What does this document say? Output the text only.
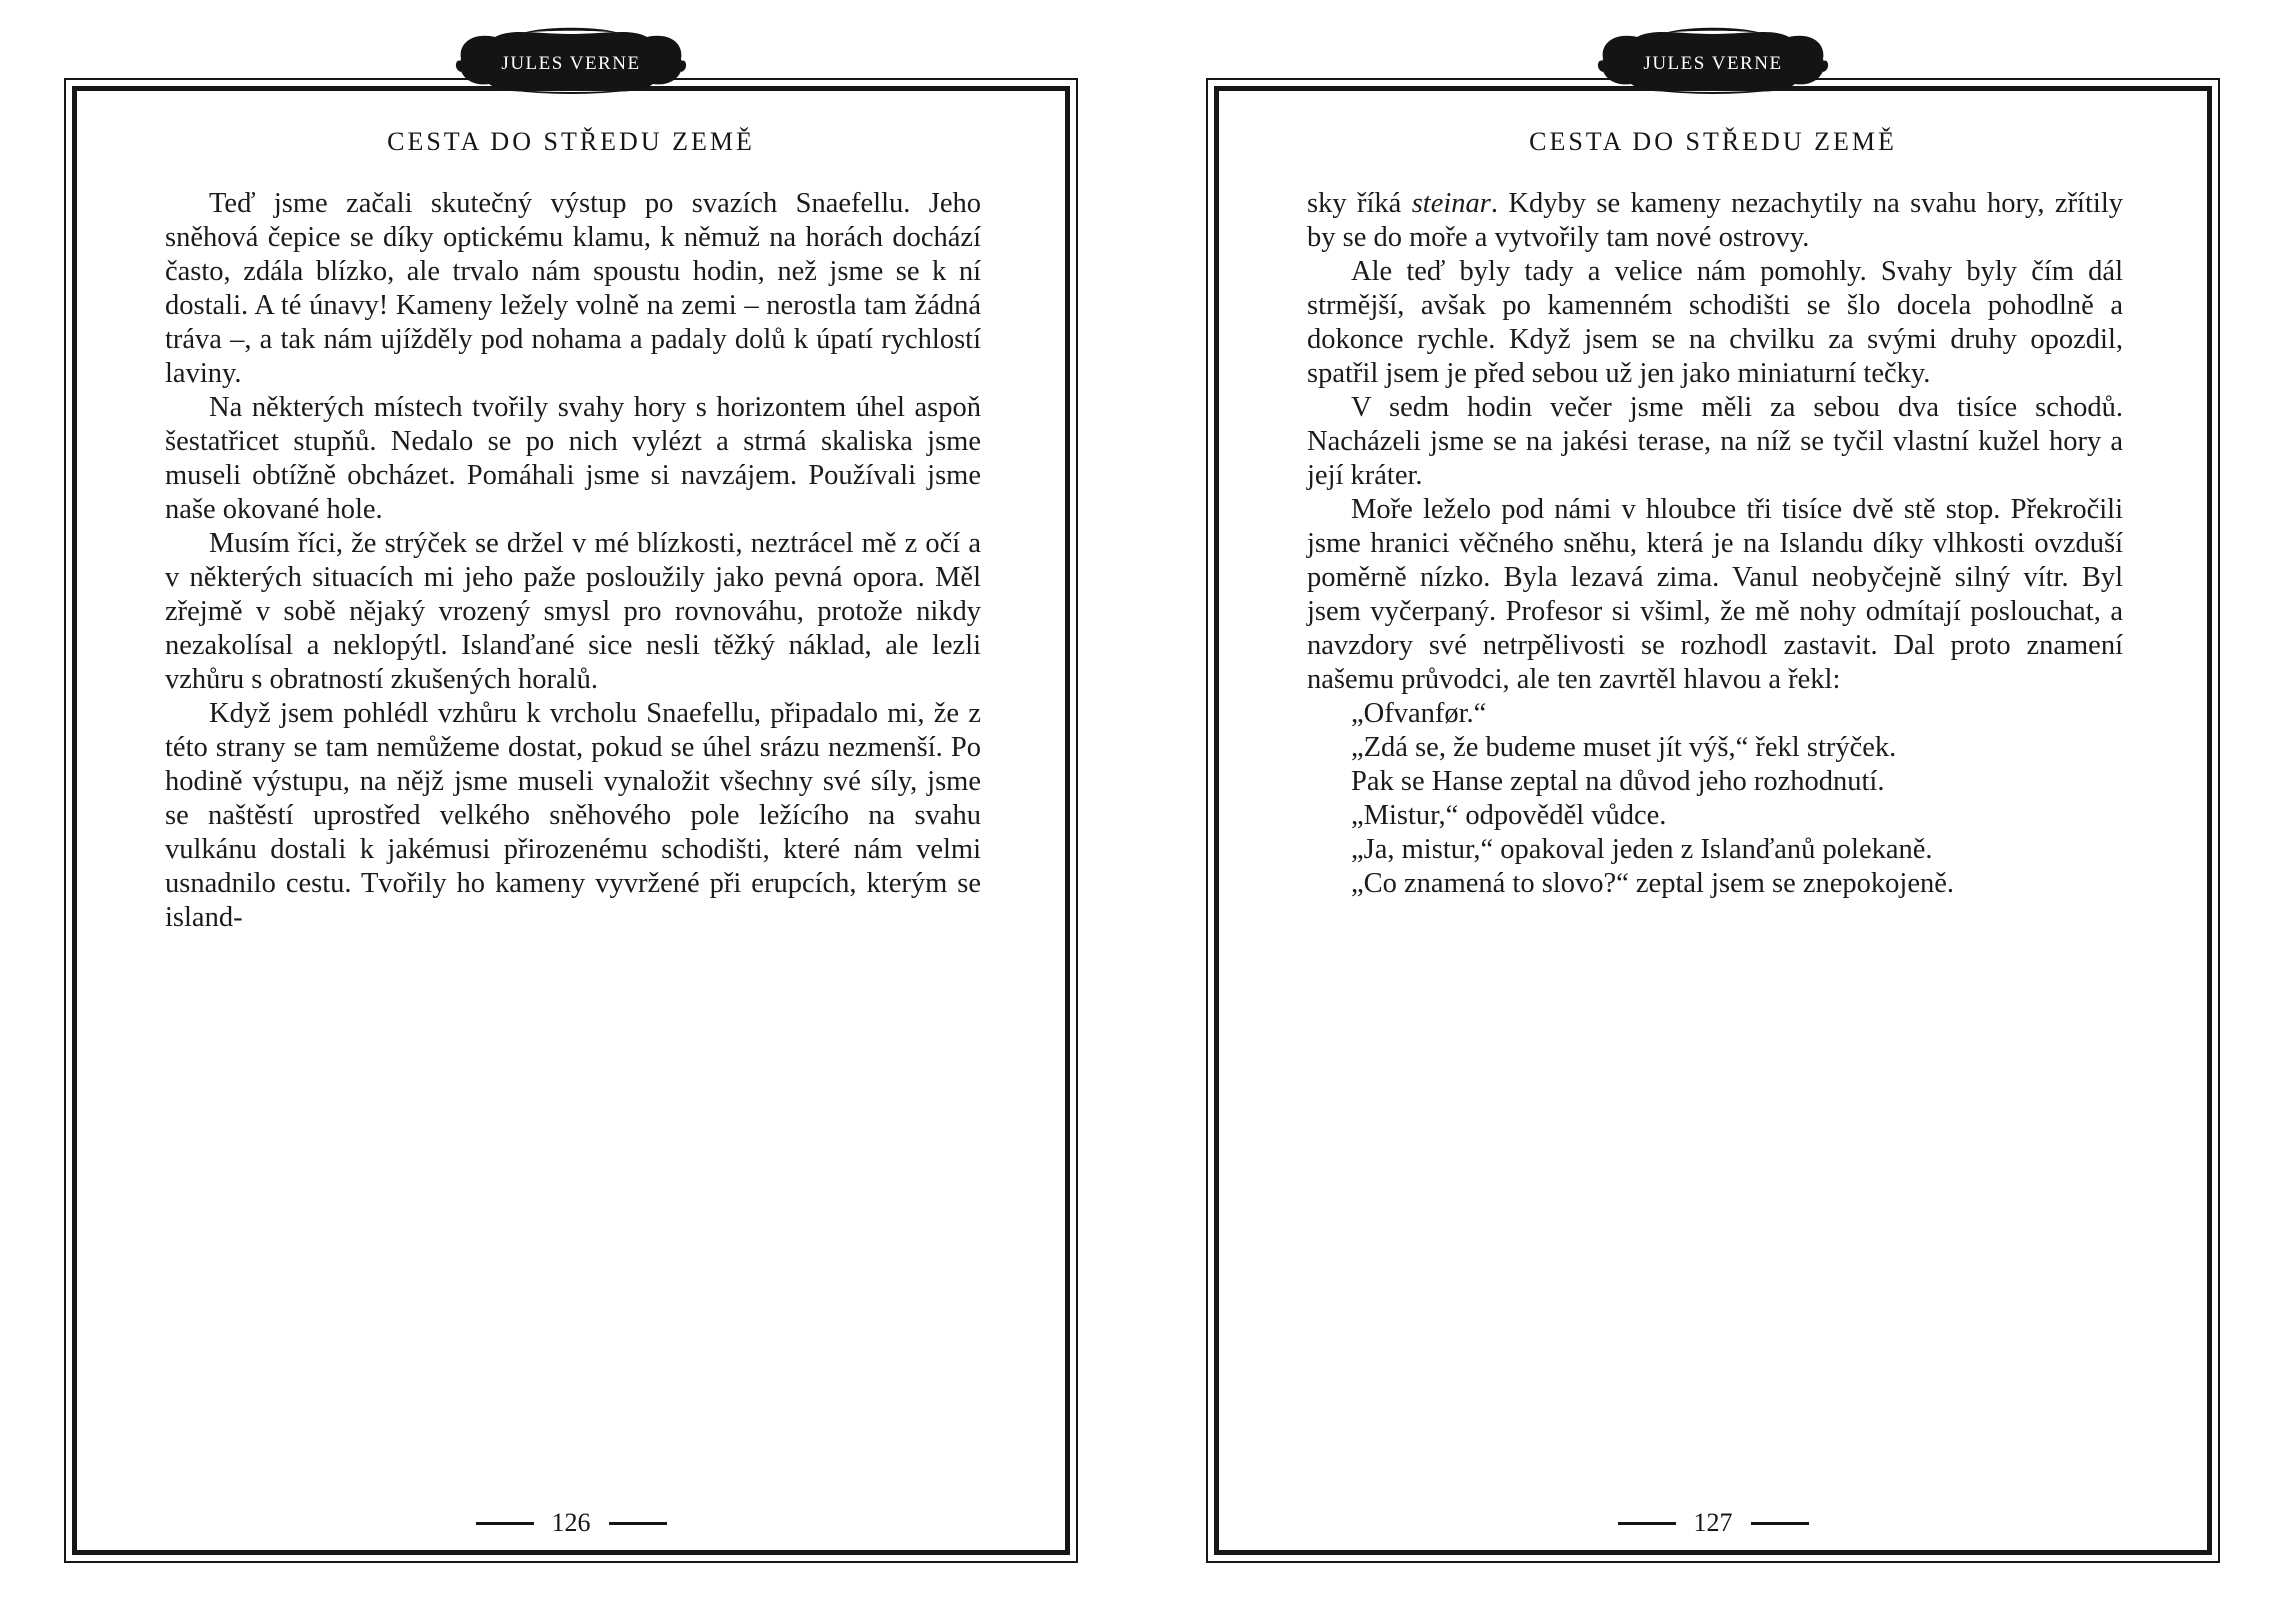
CESTA DO STŘEDU ZEMĚ

Teď jsme začali skutečný výstup po svazích Snaefellu. Jeho sněhová čepice se díky optickému klamu, k němuž na horách dochází často, zdála blízko, ale trvalo nám spoustu hodin, než jsme se k ní dostali. A té únavy! Kameny ležely volně na zemi – nerostla tam žádná tráva –, a tak nám ujížděly pod nohama a padaly dolů k úpatí rychlostí laviny.

Na některých místech tvořily svahy hory s horizontem úhel aspoň šestatřicet stupňů. Nedalo se po nich vylézt a strmá skaliska jsme museli obtížně obcházet. Pomáhali jsme si navzájem. Používali jsme naše okované hole.

Musím říci, že strýček se držel v mé blízkosti, neztrácel mě z očí a v některých situacích mi jeho paže posloužily jako pevná opora. Měl zřejmě v sobě nějaký vrozený smysl pro rovnováhu, protože nikdy nezakolísal a neklopýtl. Islanďané sice nesli těžký náklad, ale lezli vzhůru s obratností zkušených horalů.

Když jsem pohlédl vzhůru k vrcholu Snaefellu, připadalo mi, že z této strany se tam nemůžeme dostat, pokud se úhel srázu nezmenší. Po hodině výstupu, na nějž jsme museli vynaložit všechny své síly, jsme se naštěstí uprostřed velkého sněhového pole ležícího na svahu vulkánu dostali k jakémusi přirozenému schodišti, které nám velmi usnadnilo cestu. Tvořily ho kameny vyvržené při erupcích, kterým se island-

126
JULES VERNE
CESTA DO STŘEDU ZEMĚ

sky říká steinar. Kdyby se kameny nezachytily na svahu hory, zřítily by se do moře a vytvořily tam nové ostrovy.

Ale teď byly tady a velice nám pomohly. Svahy byly čím dál strmější, avšak po kamenném schodišti se šlo docela pohodlně a dokonce rychle. Když jsem se na chvilku za svými druhy opozdil, spatřil jsem je před sebou už jen jako miniaturní tečky.

V sedm hodin večer jsme měli za sebou dva tisíce schodů. Nacházeli jsme se na jakési terase, na níž se tyčil vlastní kužel hory a její kráter.

Moře leželo pod námi v hloubce tři tisíce dvě stě stop. Překročili jsme hranici věčného sněhu, která je na Islandu díky vlhkosti ovzduší poměrně nízko. Byla lezavá zima. Vanul neobyčejně silný vítr. Byl jsem vyčerpaný. Profesor si všiml, že mě nohy odmítají poslouchat, a navzdory své netrpělivosti se rozhodl zastavit. Dal proto znamení našemu průvodci, ale ten zavrtěl hlavou a řekl:

„Ofvanfør.“

„Zdá se, že budeme muset jít výš,“ řekl strýček.

Pak se Hanse zeptal na důvod jeho rozhodnutí.

„Mistur,“ odpověděl vůdce.

„Ja, mistur,“ opakoval jeden z Islanďanů polekaně.

„Co znamená to slovo?“ zeptal jsem se znepokojeně.

127
JULES VERNE
